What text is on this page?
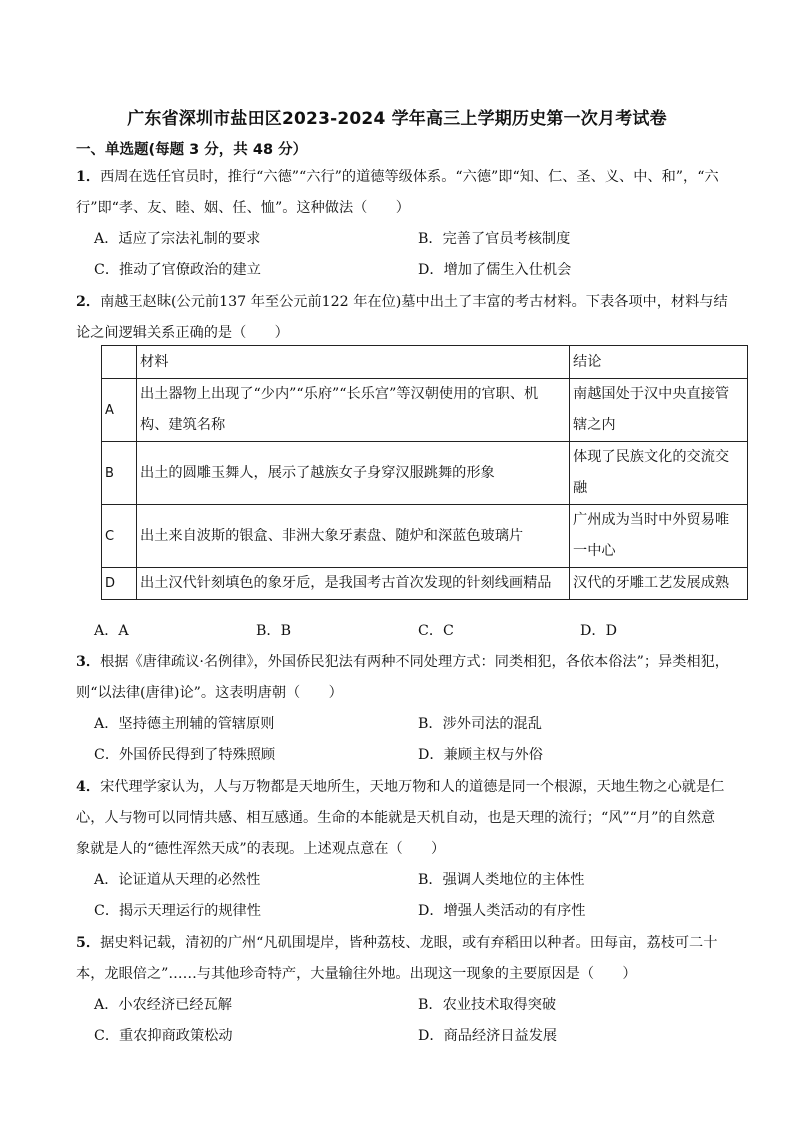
广东省深圳市盐田区2023-2024 学年高三上学期历史第一次月考试卷
一、单选题(每题 3 分，共 48 分）
1．西周在选任官员时，推行“六德”“六行”的道德等级体系。“六德”即“知、仁、圣、义、中、和”，“六
行”即“孝、友、睦、姻、任、恤”。这种做法（　　）
A．适应了宗法礼制的要求	B．完善了官员考核制度
C．推动了官僚政治的建立	D．增加了儒生入仕机会
2．南越王赵眜(公元前137 年至公元前122 年在位)墓中出土了丰富的考古材料。下表各项中，材料与结
论之间逻辑关系正确的是（　　）
	材料	结论
A	出土器物上出现了“少内”“乐府”“长乐宫”等汉朝使用的官职、机
构、建筑名称	南越国处于汉中央直接管
辖之内
B	出土的圆雕玉舞人，展示了越族女子身穿汉服跳舞的形象	体现了民族文化的交流交
融
C	出土来自波斯的银盒、非洲大象牙素盘、随炉和深蓝色玻璃片	广州成为当时中外贸易唯
一中心
D	出土汉代针刻填色的象牙卮，是我国考古首次发现的针刻线画精品	汉代的牙雕工艺发展成熟
A．A	B．B	C．C	D．D
3．根据《唐律疏议·名例律》，外国侨民犯法有两种不同处理方式：同类相犯，各依本俗法”；异类相犯，
则“以法律(唐律)论”。这表明唐朝（　　）
A．坚持德主刑辅的管辖原则	B．涉外司法的混乱
C．外国侨民得到了特殊照顾	D．兼顾主权与外俗
4．宋代理学家认为，人与万物都是天地所生，天地万物和人的道德是同一个根源，天地生物之心就是仁
心，人与物可以同情共感、相互感通。生命的本能就是天机自动，也是天理的流行；“风”“月”的自然意
象就是人的“德性浑然天成”的表现。上述观点意在（　　）
A．论证道从天理的必然性	B．强调人类地位的主体性
C．揭示天理运行的规律性	D．增强人类活动的有序性
5．据史料记载，清初的广州“凡矶围堤岸，皆种荔枝、龙眼，或有弃稻田以种者。田每亩，荔枝可二十
本，龙眼倍之”……与其他珍奇特产，大量输往外地。出现这一现象的主要原因是（　　）
A．小农经济已经瓦解	B．农业技术取得突破
C．重农抑商政策松动	D．商品经济日益发展
